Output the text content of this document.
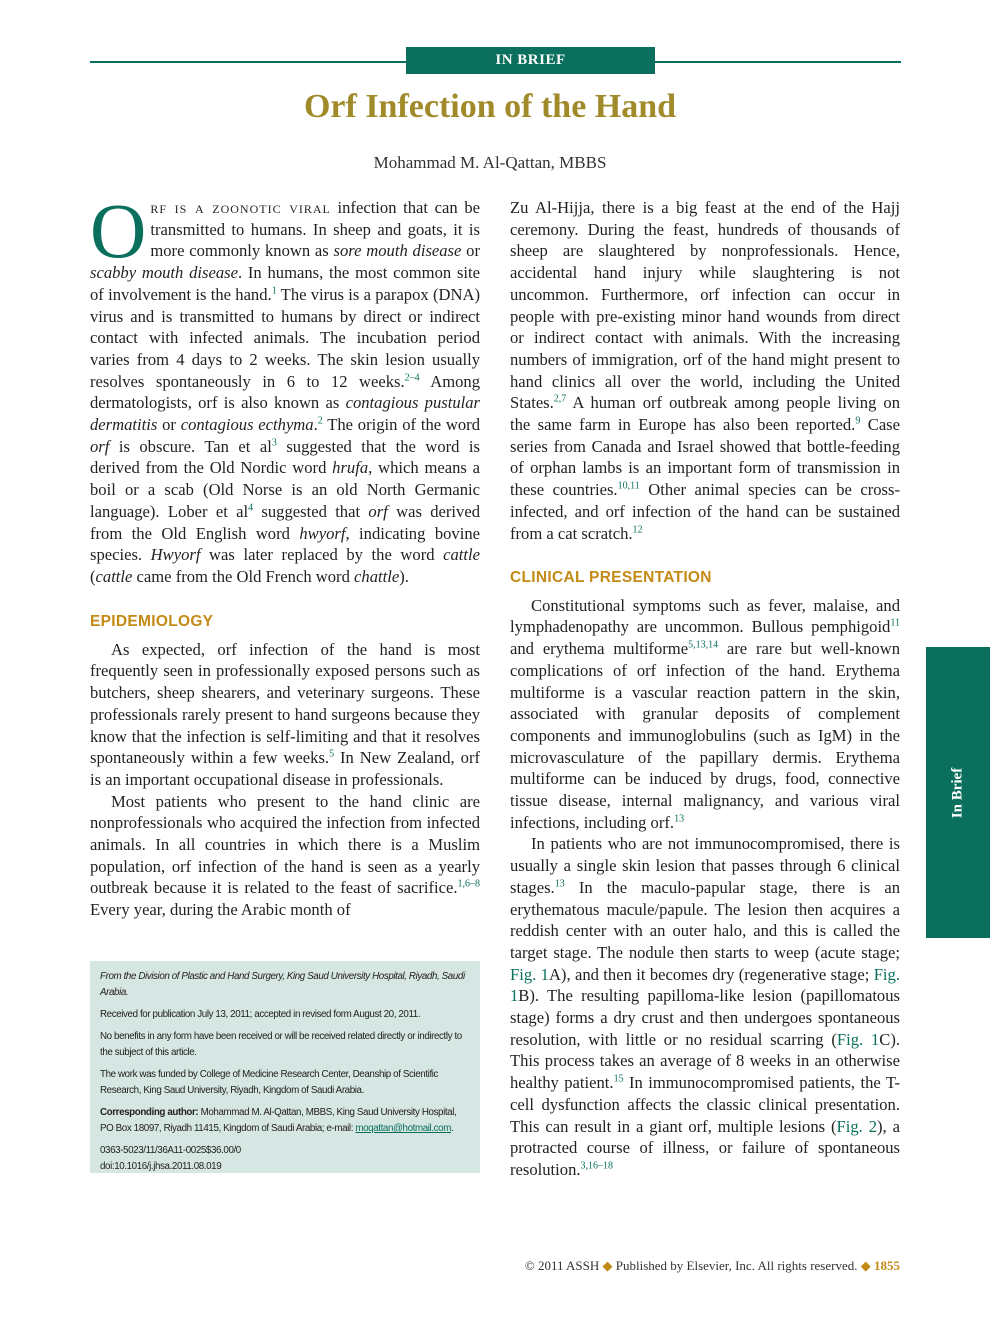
IN BRIEF
Orf Infection of the Hand
Mohammad M. Al-Qattan, MBBS

Orf is a zoonotic viral infection that can be transmitted to humans. In sheep and goats, it is more commonly known as sore mouth disease or scabby mouth disease. In humans, the most common site of involvement is the hand.$^1$ The virus is a parapox (DNA) virus and is transmitted to humans by direct or indirect contact with infected animals. The incubation period varies from 4 days to 2 weeks. The skin lesion usually resolves spontaneously in 6 to 12 weeks.$^{2-4}$ Among dermatologists, orf is also known as contagious pustular dermatitis or contagious ecthyma.$^2$ The origin of the word orf is obscure. Tan et $al^3$ suggested that the word is derived from the Old Nordic word hrufa, which means a boil or a scab (Old Norse is an old North Germanic language). Lober et $al^4$ suggested that orf was derived from the Old English word hwyorf, indicating bovine species. Hwyorf was later replaced by the word cattle (cattle came from the Old French word chattle).

EPIDEMIOLOGY

As expected, orf infection of the hand is most frequently seen in professionally exposed persons such as butchers, sheep shearers, and veterinary surgeons. These professionals rarely present to hand surgeons because they know that the infection is self-limiting and that it resolves spontaneously within a few weeks.$^5$ In New Zealand, orf is an important occupational disease in professionals.

Most patients who present to the hand clinic are nonprofessionals who acquired the infection from infected animals. In all countries in which there is a Muslim population, orf infection of the hand is seen as a yearly outbreak because it is related to the feast of sacrifice.$^{1,6-8}$ Every year, during the Arabic month of

From the Division of Plastic and Hand Surgery, King Saud University Hospital, Riyadh, Saudi Arabia.

Received for publication July 13, 2011; accepted in revised form August 20, 2011.

No benefits in any form have been received or will be received related directly or indirectly to the subject of this article.

The work was funded by College of Medicine Research Center, Deanship of Scientific Research, King Saud University, Riyadh, Kingdom of Saudi Arabia.

Corresponding author: Mohammad M. Al-Qattan, MBBS, King Saud University Hospital, PO Box 18097, Riyadh 11415, Kingdom of Saudi Arabia; e-mail: moqattan@hotmail.com.

0363-5023/11/36A11-0025$36.00/0
doi:10.1016/j.jhsa.2011.08.019

Zu Al-Hijja, there is a big feast at the end of the Hajj ceremony. During the feast, hundreds of thousands of sheep are slaughtered by nonprofessionals. Hence, accidental hand injury while slaughtering is not uncommon. Furthermore, orf infection can occur in people with pre-existing minor hand wounds from direct or indirect contact with animals. With the increasing numbers of immigration, orf of the hand might present to hand clinics all over the world, including the United States.$^{2,7}$ A human orf outbreak among people living on the same farm in Europe has also been reported.$^9$ Case series from Canada and Israel showed that bottle-feeding of orphan lambs is an important form of transmission in these countries.$^{10,11}$ Other animal species can be cross-infected, and orf infection of the hand can be sustained from a cat scratch.$^{12}$

CLINICAL PRESENTATION

Constitutional symptoms such as fever, malaise, and lymphadenopathy are uncommon. Bullous pemphigoid$^{11}$ and erythema multiforme$^{5,13,14}$ are rare but well-known complications of orf infection of the hand. Erythema multiforme is a vascular reaction pattern in the skin, associated with granular deposits of complement components and immunoglobulins (such as IgM) in the microvasculature of the papillary dermis. Erythema multiforme can be induced by drugs, food, connective tissue disease, internal malignancy, and various viral infections, including orf.$^{13}$

In patients who are not immunocompromised, there is usually a single skin lesion that passes through 6 clinical stages.$^{13}$ In the maculo-papular stage, there is an erythematous macule/papule. The lesion then acquires a reddish center with an outer halo, and this is called the target stage. The nodule then starts to weep (acute stage; Fig. 1A), and then it becomes dry (regenerative stage; Fig. 1B). The resulting papilloma-like lesion (papillomatous stage) forms a dry crust and then undergoes spontaneous resolution, with little or no residual scarring (Fig. 1C). This process takes an average of 8 weeks in an otherwise healthy patient.$^{15}$ In immunocompromised patients, the T-cell dysfunction affects the classic clinical presentation. This can result in a giant orf, multiple lesions (Fig. 2), a protracted course of illness, or failure of spontaneous resolution.$^{3,16-18}$

In Brief
© 2011 ASSH ◆ Published by Elsevier, Inc. All rights reserved. ◆ 1855
